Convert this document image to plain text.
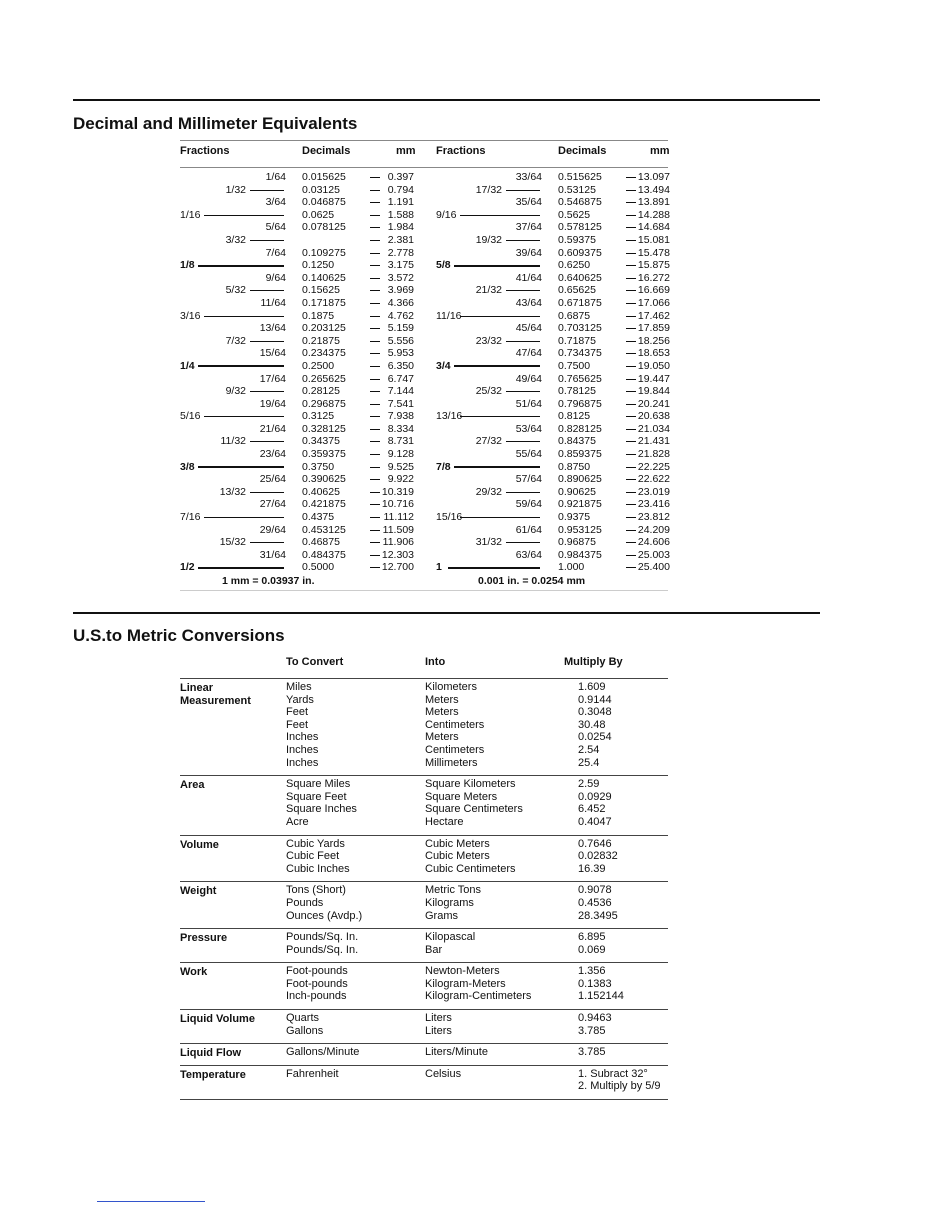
Decimal and Millimeter Equivalents
Fractions	Decimals	mm Fractions	Decimals	mm
1/64 0.015625	0.397	33/64 0.515625	13.097
1/32	0.03125	0.794	17/32	0.53125	13.494
3/64 0.046875	1.191	35/64 0.546875	13.891
1/16	0.0625	1.588 9/16	0.5625	14.288
5/64 0.078125	1.984	37/64 0.578125	14.684
3/32	2.381	19/32	0.59375	15.081
7/64 0.109275	2.778	39/64 0.609375	15.478
1/8	0.1250	3.175 5/8	0.6250	15.875
9/64 0.140625	3.572	41/64 0.640625	16.272
5/32	0.15625	3.969	21/32	0.65625	16.669
11/64 0.171875	4.366	43/64 0.671875	17.066
3/16	0.1875	4.762 11/16	0.6875	17.462
13/64 0.203125	5.159	45/64 0.703125	17.859
7/32	0.21875	5.556	23/32	0.71875	18.256
15/64 0.234375	5.953	47/64 0.734375	18.653
1/4	0.2500	6.350 3/4	0.7500	19.050
17/64 0.265625	6.747	49/64 0.765625	19.447
9/32	0.28125	7.144	25/32	0.78125	19.844
19/64 0.296875	7.541	51/64 0.796875	20.241
5/16	0.3125	7.938 13/16	0.8125	20.638
21/64 0.328125	8.334	53/64 0.828125	21.034
11/32	0.34375	8.731	27/32	0.84375	21.431
23/64 0.359375	9.128	55/64 0.859375	21.828
3/8	0.3750	9.525 7/8	0.8750	22.225
25/64 0.390625	9.922	57/64 0.890625	22.622
13/32	0.40625	10.319	29/32	0.90625	23.019
27/64 0.421875	10.716	59/64 0.921875	23.416
7/16	0.4375	11.112 15/16	0.9375	23.812
29/64 0.453125	11.509	61/64 0.953125	24.209
15/32	0.46875	11.906	31/32	0.96875	24.606
31/64 0.484375	12.303	63/64 0.984375	25.003
1/2	0.5000	12.700 1	1.000	25.400
1 mm = 0.03937 in.	0.001 in. = 0.0254 mm
U.S.to Metric Conversions
To Convert	Into	Multiply By
Linear Measurement
Miles	Kilometers	1.609
Yards	Meters	0.9144
Feet	Meters	0.3048
Feet	Centimeters	30.48
Inches	Meters	0.0254
Inches	Centimeters	2.54
Inches	Millimeters	25.4
Area	Square Miles	Square Kilometers	2.59
Square Feet	Square Meters	0.0929
Square Inches	Square Centimeters	6.452
Acre	Hectare	0.4047
Volume	Cubic Yards	Cubic Meters	0.7646
Cubic Feet	Cubic Meters	0.02832
Cubic Inches	Cubic Centimeters	16.39
Weight	Tons (Short)	Metric Tons	0.9078
Pounds	Kilograms	0.4536
Ounces (Avdp.)	Grams	28.3495
Pressure	Pounds/Sq. In.	Kilopascal	6.895
Pounds/Sq. In.	Bar	0.069
Work	Foot-pounds	Newton-Meters	1.356
Foot-pounds	Kilogram-Meters	0.1383
Inch-pounds	Kilogram-Centimeters	1.152144
Liquid Volume	Quarts	Liters	0.9463
Gallons	Liters	3.785
Liquid Flow	Gallons/Minute	Liters/Minute	3.785
Temperature	Fahrenheit	Celsius	1. Subract 32°
2. Multiply by 5/9
